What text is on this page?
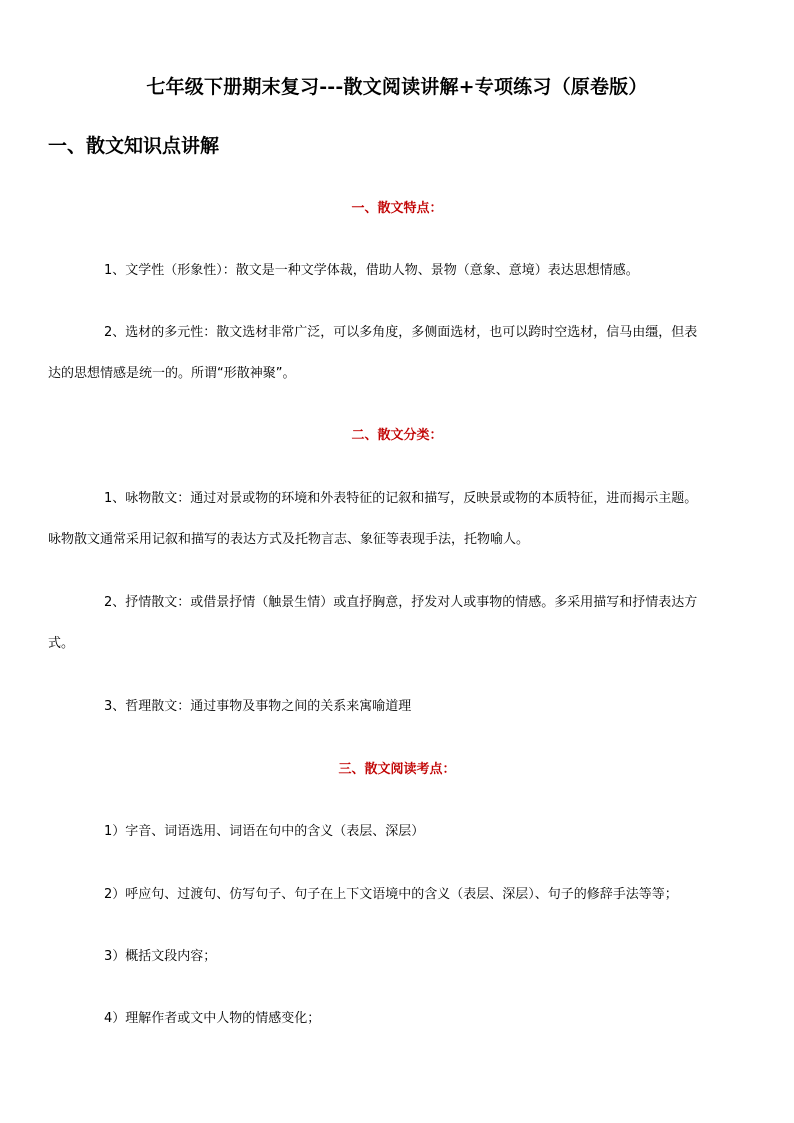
七年级下册期末复习---散文阅读讲解+专项练习（原卷版）
一、散文知识点讲解
一、散文特点：
1、文学性（形象性）：散文是一种文学体裁，借助人物、景物（意象、意境）表达思想情感。
2、选材的多元性：散文选材非常广泛，可以多角度，多侧面选材，也可以跨时空选材，信马由缰，但表
达的思想情感是统一的。所谓“形散神聚”。
二、散文分类：
1、咏物散文：通过对景或物的环境和外表特征的记叙和描写，反映景或物的本质特征，进而揭示主题。
咏物散文通常采用记叙和描写的表达方式及托物言志、象征等表现手法，托物喻人。
2、抒情散文：或借景抒情（触景生情）或直抒胸意，抒发对人或事物的情感。多采用描写和抒情表达方
式。
3、哲理散文：通过事物及事物之间的关系来寓喻道理
三、散文阅读考点：
1）字音、词语选用、词语在句中的含义（表层、深层）
2）呼应句、过渡句、仿写句子、句子在上下文语境中的含义（表层、深层）、句子的修辞手法等等；
3）概括文段内容；
4）理解作者或文中人物的情感变化；
